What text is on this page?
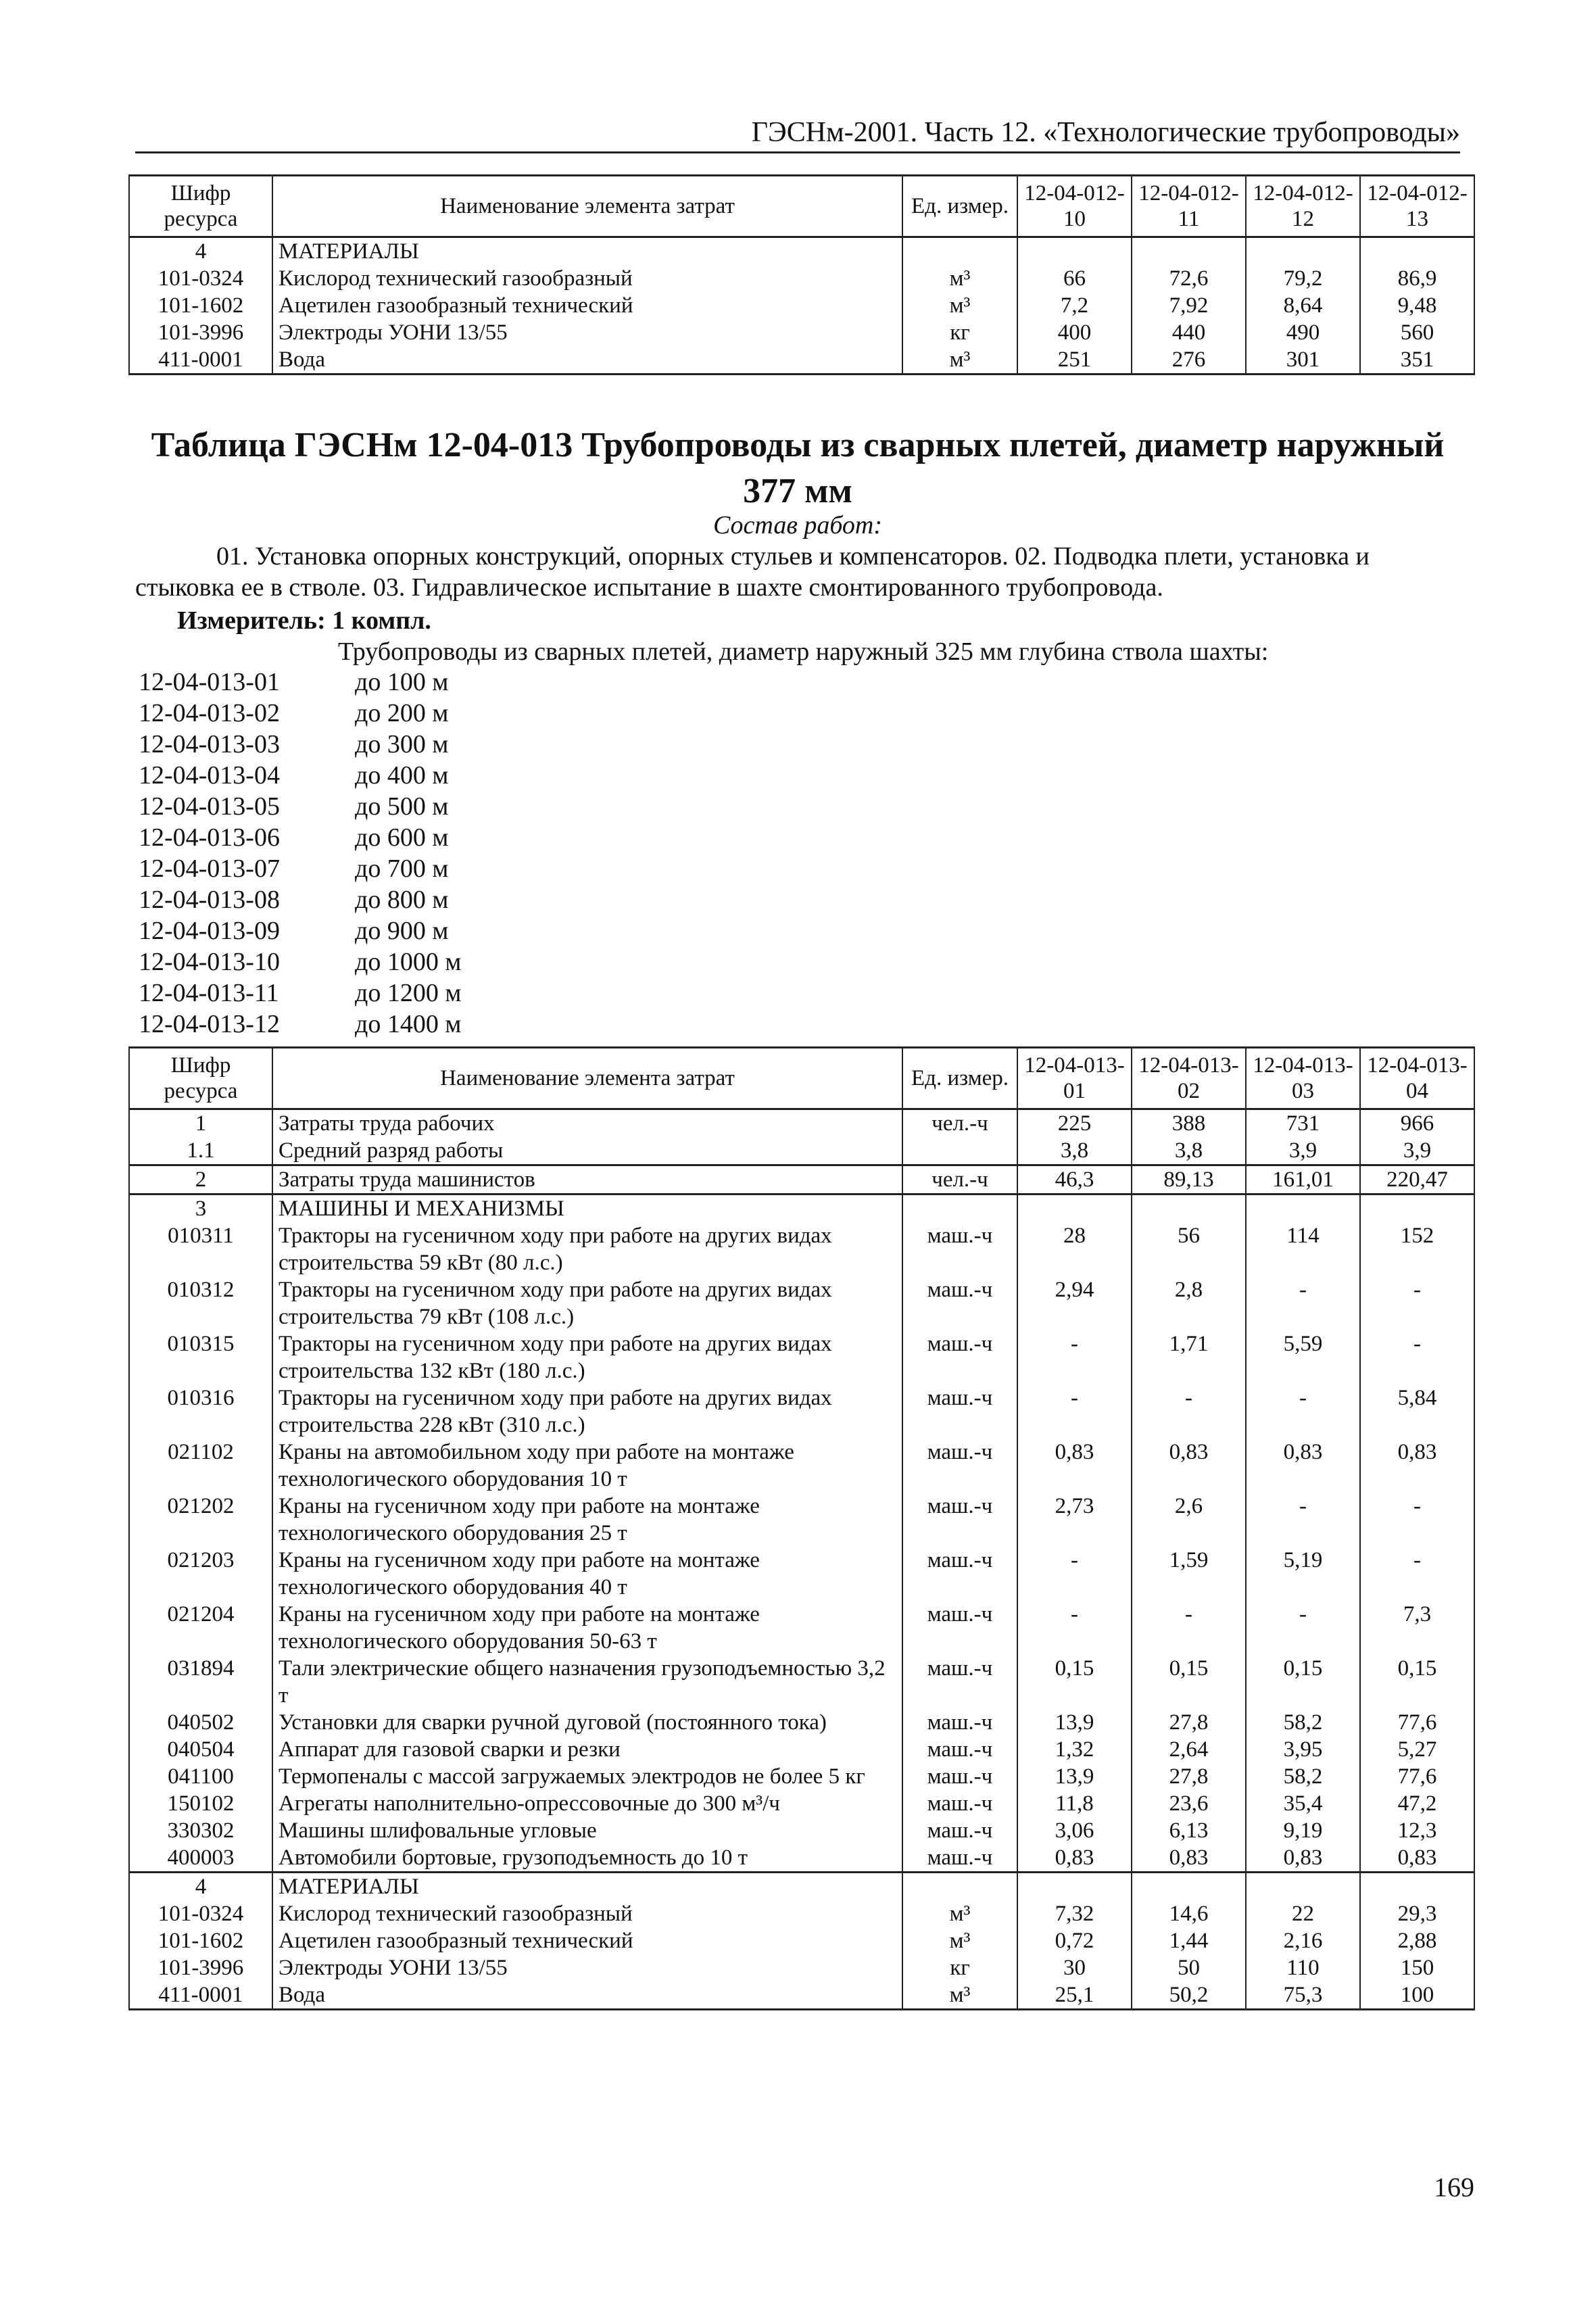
ГЭСНм-2001. Часть 12. «Технологические трубопроводы»
Шифр ресурса	Наименование элемента затрат	Ед. измер.	12-04-012-10	12-04-012-11	12-04-012-12	12-04-012-13
4	МАТЕРИАЛЫ					
101-0324	Кислород технический газообразный	м³	66	72,6	79,2	86,9
101-1602	Ацетилен газообразный технический	м³	7,2	7,92	8,64	9,48
101-3996	Электроды УОНИ 13/55	кг	400	440	490	560
411-0001	Вода	м³	251	276	301	351
Таблица ГЭСНм 12-04-013 Трубопроводы из сварных плетей, диаметр наружный 377 мм
Состав работ:
01. Установка опорных конструкций, опорных стульев и компенсаторов. 02. Подводка плети, установка и стыковка ее в стволе. 03. Гидравлическое испытание в шахте смонтированного трубопровода.
Измеритель: 1 компл.
Трубопроводы из сварных плетей, диаметр наружный 325 мм глубина ствола шахты:
12-04-013-01	до 100 м
12-04-013-02	до 200 м
12-04-013-03	до 300 м
12-04-013-04	до 400 м
12-04-013-05	до 500 м
12-04-013-06	до 600 м
12-04-013-07	до 700 м
12-04-013-08	до 800 м
12-04-013-09	до 900 м
12-04-013-10	до 1000 м
12-04-013-11	до 1200 м
12-04-013-12	до 1400 м
Шифр ресурса	Наименование элемента затрат	Ед. измер.	12-04-013-01	12-04-013-02	12-04-013-03	12-04-013-04
1	Затраты труда рабочих	чел.-ч	225	388	731	966
1.1	Средний разряд работы		3,8	3,8	3,9	3,9
2	Затраты труда машинистов	чел.-ч	46,3	89,13	161,01	220,47
3	МАШИНЫ И МЕХАНИЗМЫ					
010311	Тракторы на гусеничном ходу при работе на других видах строительства 59 кВт (80 л.с.)	маш.-ч	28	56	114	152
010312	Тракторы на гусеничном ходу при работе на других видах строительства 79 кВт (108 л.с.)	маш.-ч	2,94	2,8	-	-
010315	Тракторы на гусеничном ходу при работе на других видах строительства 132 кВт (180 л.с.)	маш.-ч	-	1,71	5,59	-
010316	Тракторы на гусеничном ходу при работе на других видах строительства 228 кВт (310 л.с.)	маш.-ч	-	-	-	5,84
021102	Краны на автомобильном ходу при работе на монтаже технологического оборудования 10 т	маш.-ч	0,83	0,83	0,83	0,83
021202	Краны на гусеничном ходу при работе на монтаже технологического оборудования 25 т	маш.-ч	2,73	2,6	-	-
021203	Краны на гусеничном ходу при работе на монтаже технологического оборудования 40 т	маш.-ч	-	1,59	5,19	-
021204	Краны на гусеничном ходу при работе на монтаже технологического оборудования 50-63 т	маш.-ч	-	-	-	7,3
031894	Тали электрические общего назначения грузоподъемностью 3,2 т	маш.-ч	0,15	0,15	0,15	0,15
040502	Установки для сварки ручной дуговой (постоянного тока)	маш.-ч	13,9	27,8	58,2	77,6
040504	Аппарат для газовой сварки и резки	маш.-ч	1,32	2,64	3,95	5,27
041100	Термопеналы с массой загружаемых электродов не более 5 кг	маш.-ч	13,9	27,8	58,2	77,6
150102	Агрегаты наполнительно-опрессовочные до 300 м³/ч	маш.-ч	11,8	23,6	35,4	47,2
330302	Машины шлифовальные угловые	маш.-ч	3,06	6,13	9,19	12,3
400003	Автомобили бортовые, грузоподъемность до 10 т	маш.-ч	0,83	0,83	0,83	0,83
4	МАТЕРИАЛЫ					
101-0324	Кислород технический газообразный	м³	7,32	14,6	22	29,3
101-1602	Ацетилен газообразный технический	м³	0,72	1,44	2,16	2,88
101-3996	Электроды УОНИ 13/55	кг	30	50	110	150
411-0001	Вода	м³	25,1	50,2	75,3	100
169
